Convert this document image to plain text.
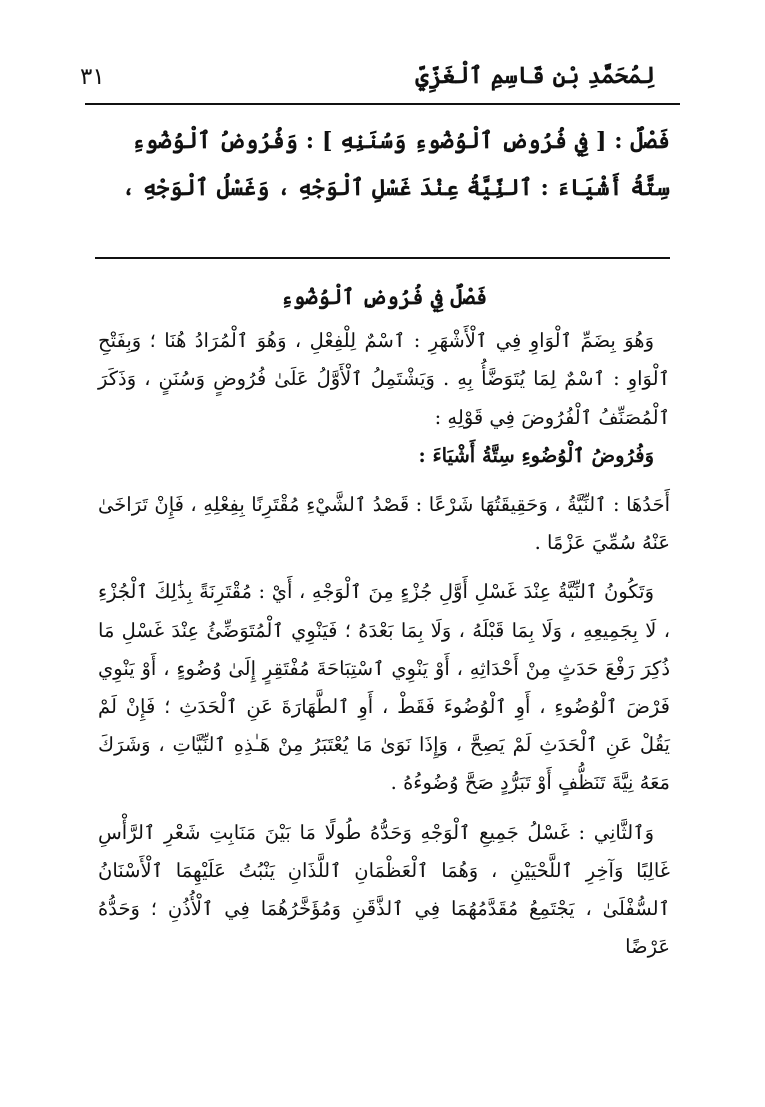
لِمُحَمَّدِ بْنِ قَاسِمِ ٱلْغَزِّيِّ
٣١
فَصْلٌ : [ فِي فُرُوضِ ٱلْوُضُوءِ وَسُنَنِهِ ] : وَفُرُوضُ ٱلْوُضُوءِ
سِتَّةُ أَشْيَاءَ : ٱلنِّيَّةُ عِنْدَ غَسْلِ ٱلْوَجْهِ ، وَغَسْلُ ٱلْوَجْهِ ،

فَصْلٌ فِي فُرُوضِ ٱلْوُضُوءِ

وَهُوَ بِضَمِّ ٱلْوَاوِ فِي ٱلْأَشْهَرِ : ٱسْمٌ لِلْفِعْلِ ، وَهُوَ ٱلْمُرَادُ هُنَا ؛ وَبِفَتْحِ ٱلْوَاوِ : ٱسْمٌ لِمَا يُتَوَضَّأُ بِهِ . وَيَشْتَمِلُ ٱلْأَوَّلُ عَلَىٰ فُرُوضٍ وَسُنَنٍ ، وَذَكَرَ ٱلْمُصَنِّفُ ٱلْفُرُوضَ فِي قَوْلِهِ :

وَفُرُوضُ ٱلْوُضُوءِ سِتَّةُ أَشْيَاءَ :

أَحَدُهَا : ٱلنِّيَّةُ ، وَحَقِيقَتُهَا شَرْعًا : قَصْدُ ٱلشَّيْءِ مُقْتَرِنًا بِفِعْلِهِ ، فَإِنْ تَرَاخَىٰ عَنْهُ سُمِّيَ عَزْمًا .

وَتَكُونُ ٱلنِّيَّةُ عِنْدَ غَسْلِ أَوَّلِ جُزْءٍ مِنَ ٱلْوَجْهِ ، أَيْ : مُقْتَرِنَةً بِذَٰلِكَ ٱلْجُزْءِ ، لَا بِجَمِيعِهِ ، وَلَا بِمَا قَبْلَهُ ، وَلَا بِمَا بَعْدَهُ ؛ فَيَنْوِي ٱلْمُتَوَضِّئُ عِنْدَ غَسْلِ مَا ذُكِرَ رَفْعَ حَدَثٍ مِنْ أَحْدَاثِهِ ، أَوْ يَنْوِي ٱسْتِبَاحَةَ مُفْتَقِرٍ إِلَىٰ وُضُوءٍ ، أَوْ يَنْوِي فَرْضَ ٱلْوُضُوءِ ، أَوِ ٱلْوُضُوءَ فَقَطْ ، أَوِ ٱلطَّهَارَةَ عَنِ ٱلْحَدَثِ ؛ فَإِنْ لَمْ يَقُلْ عَنِ ٱلْحَدَثِ لَمْ يَصِحَّ ، وَإِذَا نَوَىٰ مَا يُعْتَبَرُ مِنْ هَـٰذِهِ ٱلنِّيَّاتِ ، وَشَرَكَ مَعَهُ نِيَّةَ تَنَظُّفٍ أَوْ تَبَرُّدٍ صَحَّ وُضُوءُهُ .

وَٱلثَّانِي : غَسْلُ جَمِيعِ ٱلْوَجْهِ وَحَدُّهُ طُولًا مَا بَيْنَ مَنَابِتِ شَعْرِ ٱلرَّأْسِ غَالِبًا وَآخِرِ ٱللَّحْيَيْنِ ، وَهُمَا ٱلْعَظْمَانِ ٱللَّذَانِ يَنْبُتُ عَلَيْهِمَا ٱلْأَسْنَانُ ٱلسُّفْلَىٰ ، يَجْتَمِعُ مُقَدَّمُهُمَا فِي ٱلذَّقَنِ وَمُؤَخَّرُهُمَا فِي ٱلْأُذُنِ ؛ وَحَدُّهُ عَرْضًا
